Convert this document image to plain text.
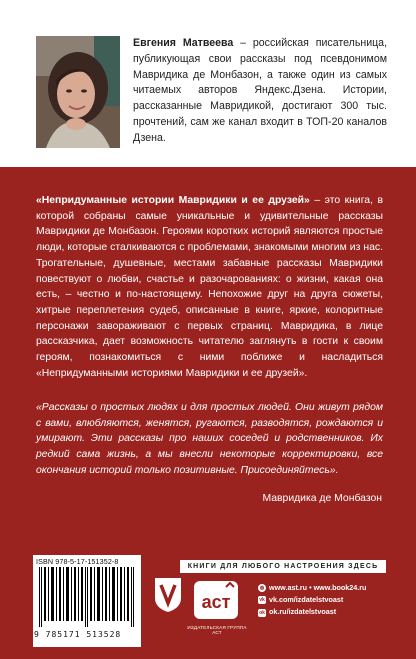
Евгения Матвеева – российская писательница, публикующая свои рассказы под псевдонимом Мавридика де Монбазон, а также один из самых читаемых авторов Яндекс.Дзена. Истории, рассказанные Мавридикой, достигают 300 тыс. прочтений, сам же канал входит в ТОП-20 каналов Дзена.

«Непридуманные истории Мавридики и ее друзей» – это книга, в которой собраны самые уникальные и удивительные рассказы Мавридики де Монбазон. Героями коротких историй являются простые люди, которые сталкиваются с проблемами, знакомыми многим из нас. Трогательные, душевные, местами забавные рассказы Мавридики повествуют о любви, счастье и разочарованиях: о жизни, какая она есть, – честно и по-настоящему. Непохожие друг на друга сюжеты, хитрые переплетения судеб, описанные в книге, яркие, колоритные персонажи завораживают с первых страниц. Мавридика, в лице рассказчика, дает возможность читателю заглянуть в гости к своим героям, познакомиться с ними поближе и насладиться «Непридуманными историями Мавридики и ее друзей».

«Рассказы о простых людях и для простых людей. Они живут рядом с вами, влюбляются, женятся, ругаются, разводятся, рождаются и умирают. Эти рассказы про наших соседей и родственников. Их редкий сама жизнь, а мы внесли некоторые корректировки, все окончания историй только позитивные. Присоединяйтесь».

Мавридика де Монбазон

ISBN 978-5-17-151352-8
9 785171 513528
КНИГИ ДЛЯ ЛЮБОГО НАСТРОЕНИЯ ЗДЕСЬ
аст
ИЗДАТЕЛЬСКАЯ ГРУППА АСТ
◍ www.ast.ru • www.book24.ru
vk vk.com/izdatelstvoast
ok ok.ru/izdatelstvoast
